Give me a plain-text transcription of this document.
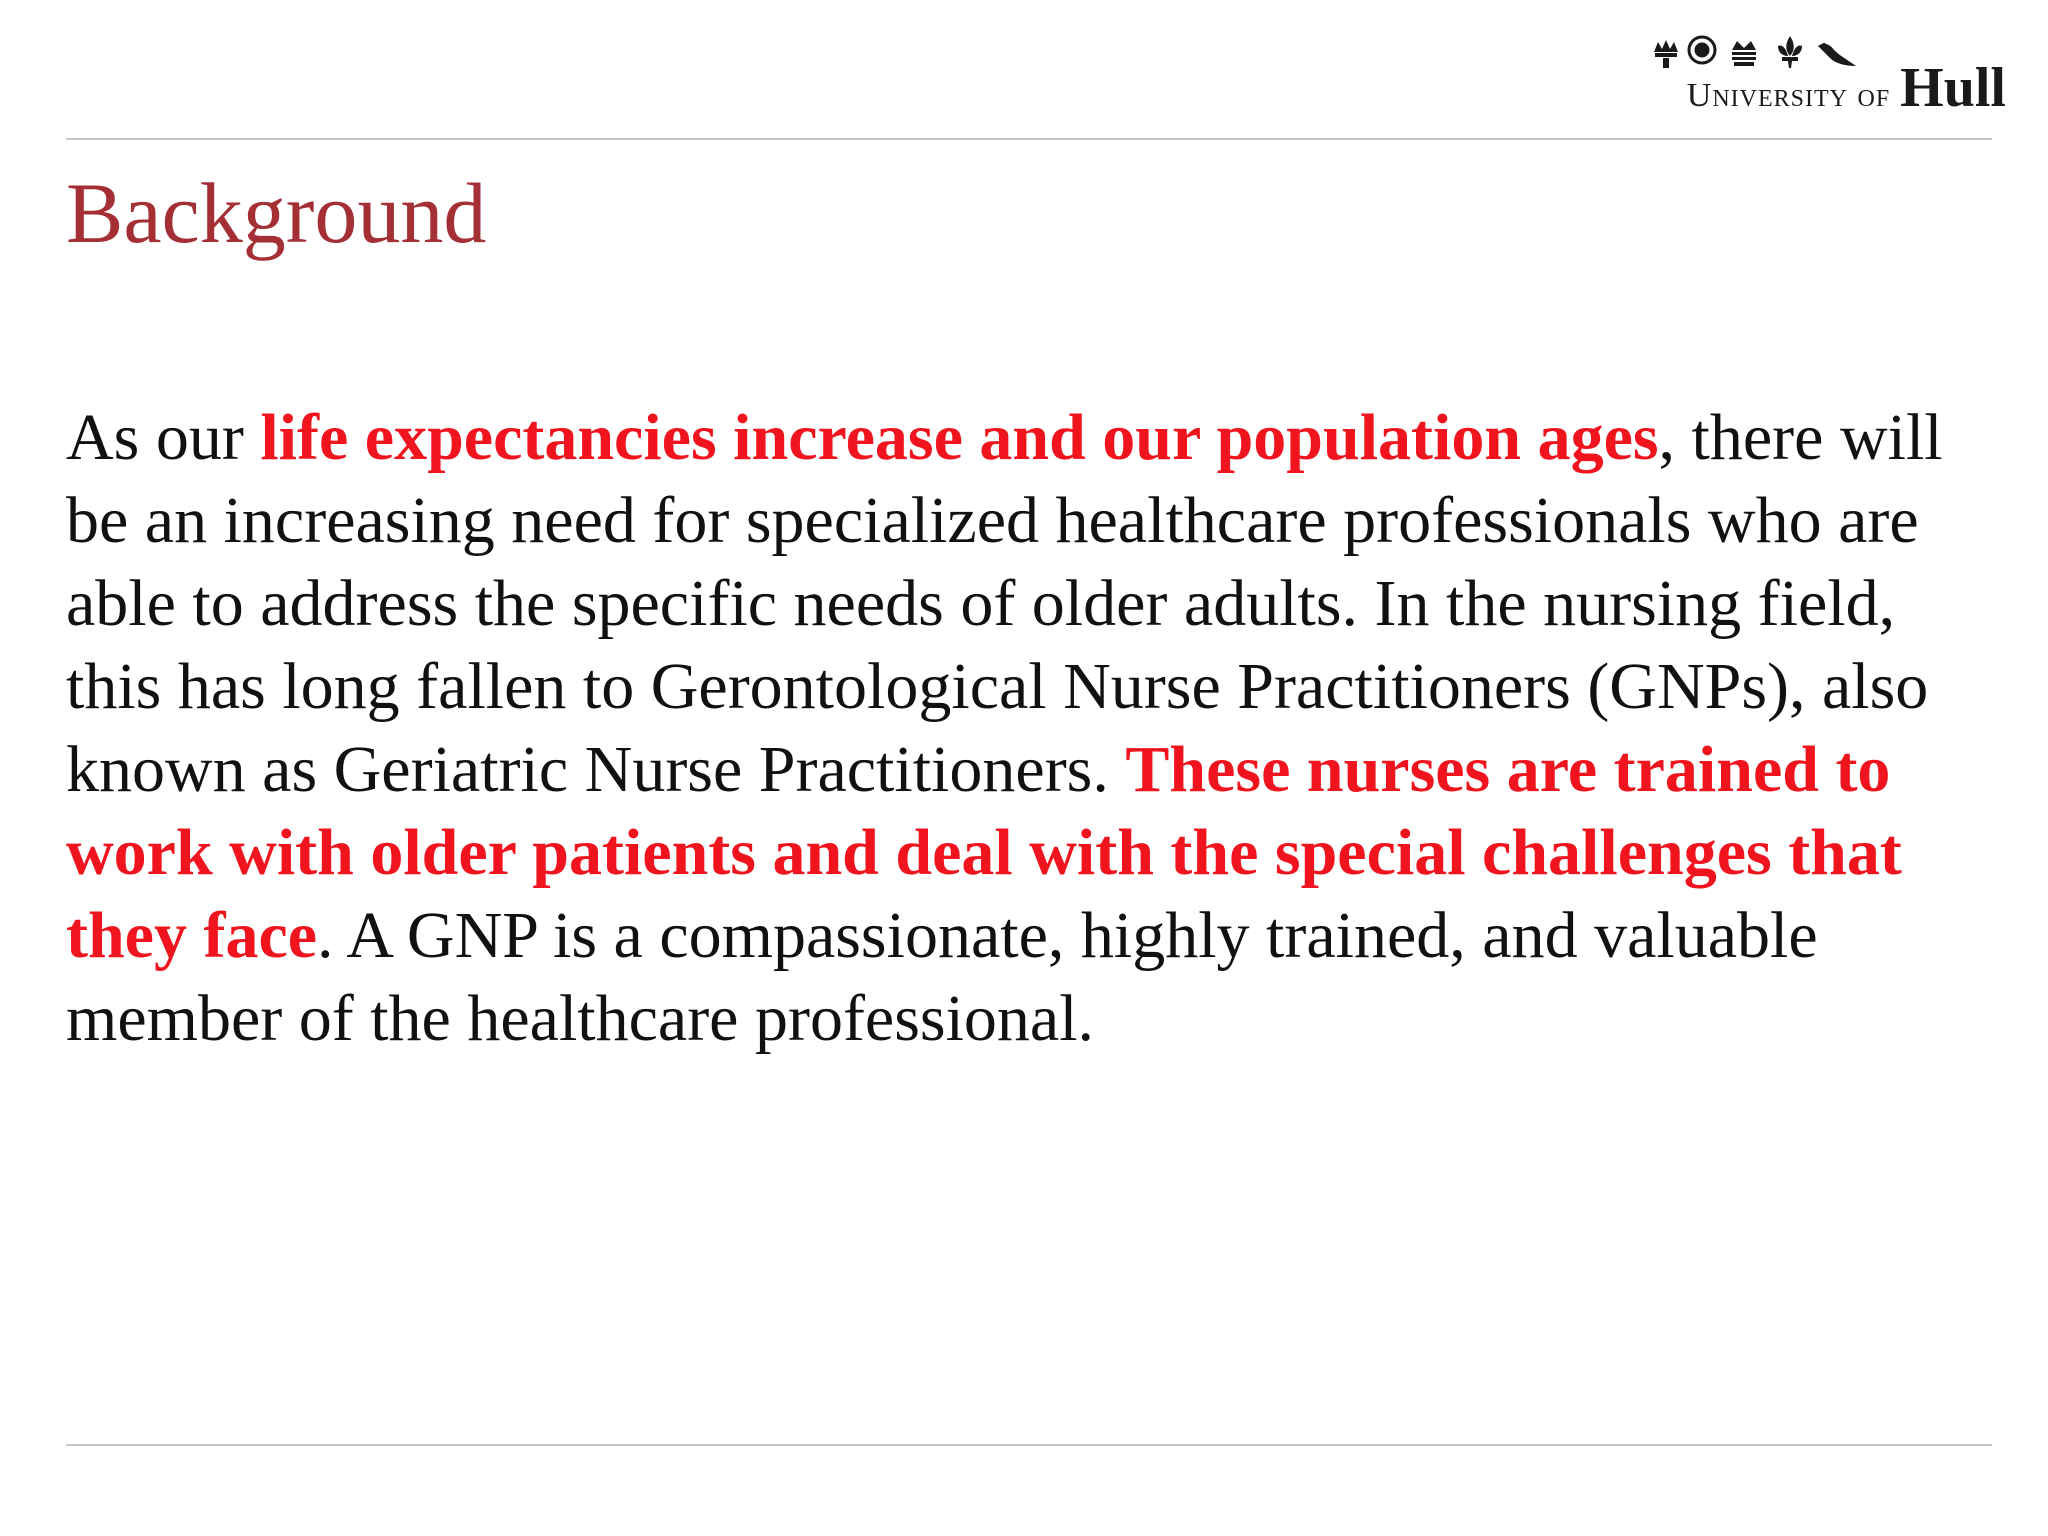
University of Hull
Background

As our life expectancies increase and our population ages, there will be an increasing need for specialized healthcare professionals who are able to address the specific needs of older adults. In the nursing field, this has long fallen to Gerontological Nurse Practitioners (GNPs), also known as Geriatric Nurse Practitioners. These nurses are trained to work with older patients and deal with the special challenges that they face. A GNP is a compassionate, highly trained, and valuable member of the healthcare professional.
